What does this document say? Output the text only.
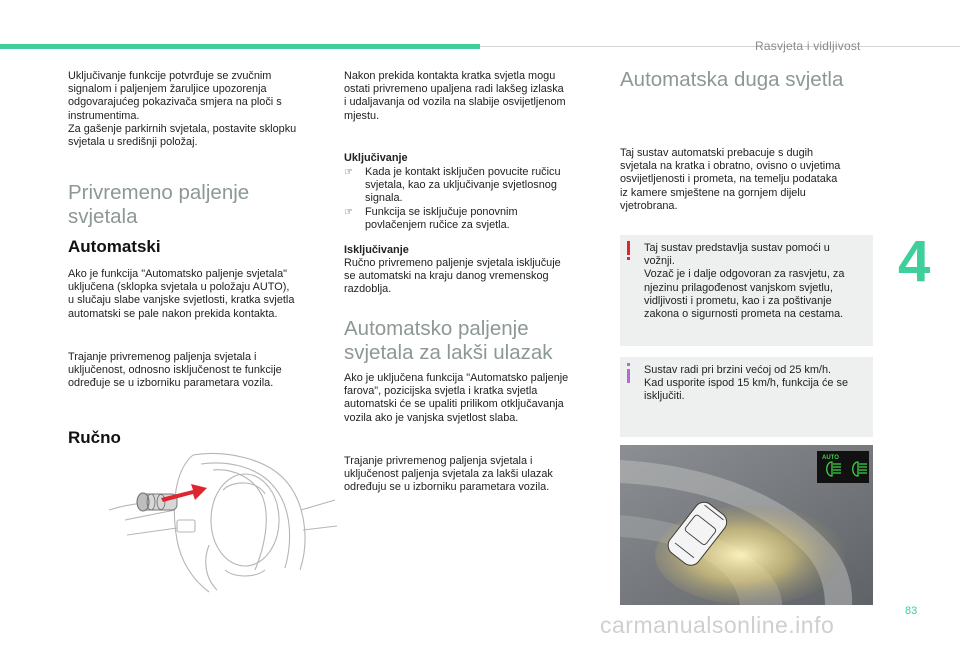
Rasvjeta i vidljivost
4
83
carmanualsonline.info
Uključivanje funkcije potvrđuje se zvučnim
signalom i paljenjem žaruljice upozorenja
odgovarajućeg pokazivača smjera na ploči s
instrumentima.
Za gašenje parkirnih svjetala, postavite sklopku
svjetala u središnji položaj.
Privremeno paljenje
svjetala
Automatski
Ako je funkcija "Automatsko paljenje svjetala"
uključena (sklopka svjetala u položaju AUTO),
u slučaju slabe vanjske svjetlosti, kratka svjetla
automatski se pale nakon prekida kontakta.
Trajanje privremenog paljenja svjetala i
uključenost, odnosno isključenost te funkcije
određuje se u izborniku parametara vozila.
Ručno
Nakon prekida kontakta kratka svjetla mogu
ostati privremeno upaljena radi lakšeg izlaska
i udaljavanja od vozila na slabije osvijetljenom
mjestu.
Uključivanje
☞ Kada je kontakt isključen povucite ručicu
svjetala, kao za uključivanje svjetlosnog
signala.
☞ Funkcija se isključuje ponovnim
povlačenjem ručice za svjetla.
Isključivanje
Ručno privremeno paljenje svjetala isključuje
se automatski na kraju danog vremenskog
razdoblja.
Automatsko paljenje
svjetala za lakši ulazak
Ako je uključena funkcija "Automatsko paljenje
farova", pozicijska svjetla i kratka svjetla
automatski će se upaliti prilikom otključavanja
vozila ako je vanjska svjetlost slaba.
Trajanje privremenog paljenja svjetala i
uključenost paljenja svjetala za lakši ulazak
određuju se u izborniku parametara vozila.
Automatska duga svjetla
Taj sustav automatski prebacuje s dugih
svjetala na kratka i obratno, ovisno o uvjetima
osvijetljenosti i prometa, na temelju podataka
iz kamere smještene na gornjem dijelu
vjetrobrana.
Taj sustav predstavlja sustav pomoći u
vožnji.
Vozač je i dalje odgovoran za rasvjetu, za
njezinu prilagođenost vanjskom svjetlu,
vidljivosti i prometu, kao i za poštivanje
zakona o sigurnosti prometa na cestama.
Sustav radi pri brzini većoj od 25 km/h.
Kad usporite ispod 15 km/h, funkcija će se
isključiti.
AUTO
